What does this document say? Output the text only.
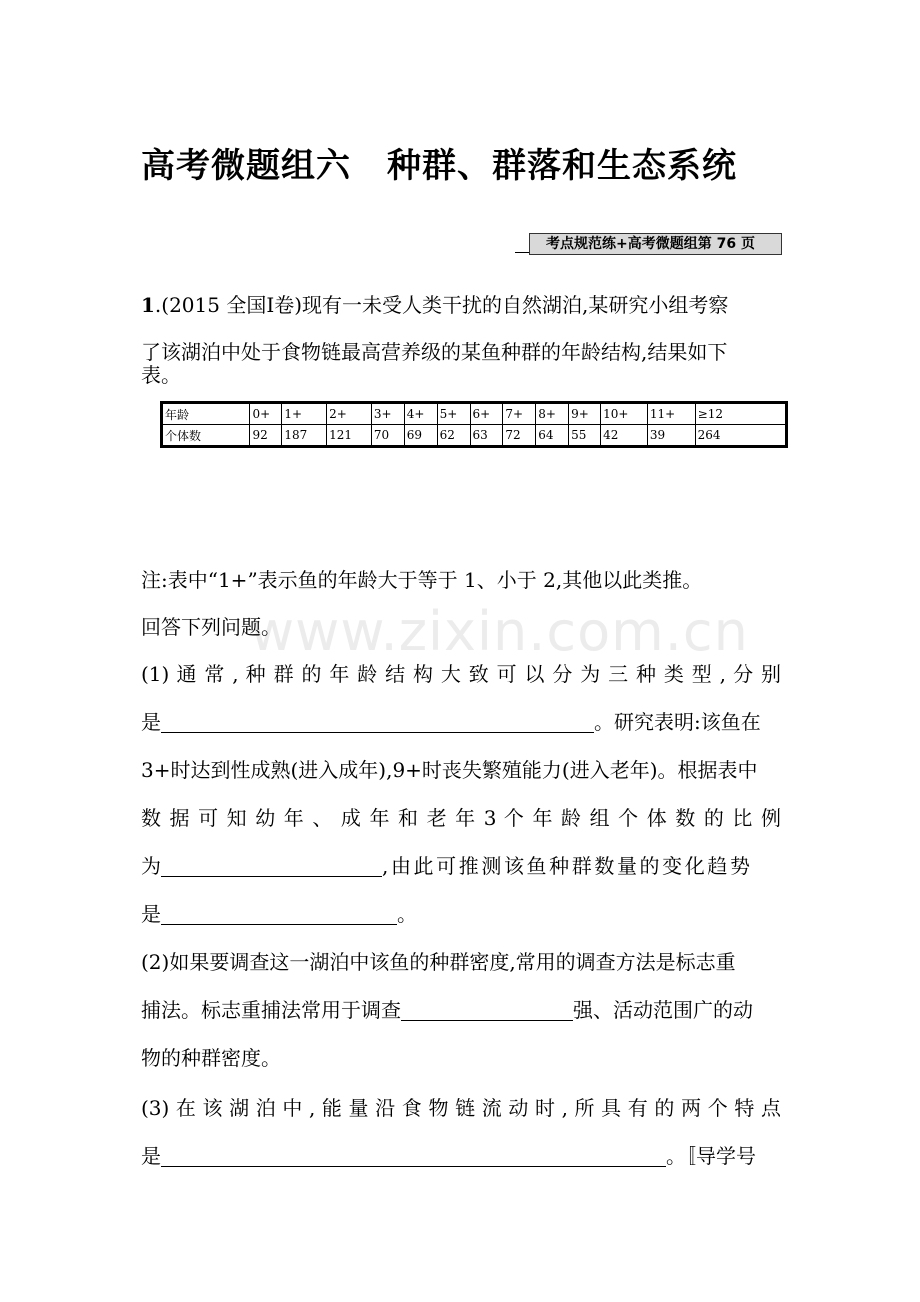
www.zixin.com.cn
高考微题组六 种群、群落和生态系统
考点规范练+高考微题组第 76 页
1.(2015 全国Ⅰ卷)现有一未受人类干扰的自然湖泊,某研究小组考察
了该湖泊中处于食物链最高营养级的某鱼种群的年龄结构,结果如下
表。
年龄	0+	1+	2+	3+	4+	5+	6+	7+	8+	9+	10+	11+	≥12
个体数	92	187	121	70	69	62	63	72	64	55	42	39	264
注:表中“1+”表示鱼的年龄大于等于 1、小于 2,其他以此类推。
回答下列问题。
(1) 通 常 , 种 群 的 年 龄 结 构 大 致 可 以 分 为 三 种 类 型 , 分 别
是	。研究表明:该鱼在
3+时达到性成熟(进入成年),9+时丧失繁殖能力(进入老年)。根据表中
数 据 可 知 幼 年 、 成 年 和 老 年 3 个 年 龄 组 个 体 数 的 比 例
为	,由此可推测该鱼种群数量的变化趋势
是	。
(2)如果要调查这一湖泊中该鱼的种群密度,常用的调查方法是标志重
捕法。标志重捕法常用于调查	强、活动范围广的动
物的种群密度。
(3) 在 该 湖 泊 中 , 能 量 沿 食 物 链 流 动 时 , 所 具 有 的 两 个 特 点
是	。〚导学号
